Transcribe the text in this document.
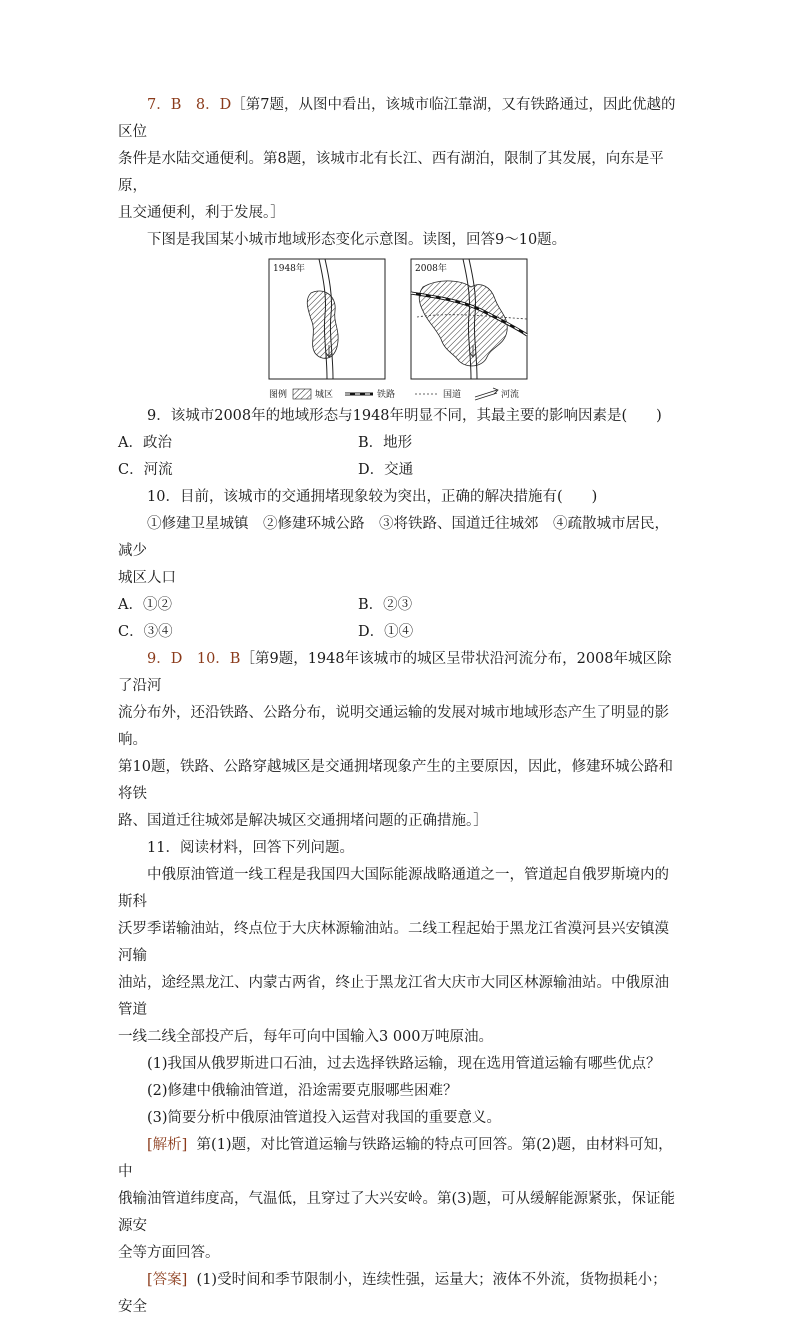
7．B　8．D［第7题，从图中看出，该城市临江靠湖，又有铁路通过，因此优越的区位

条件是水陆交通便利。第8题，该城市北有长江、西有湖泊，限制了其发展，向东是平原，

且交通便利，利于发展。］

下图是我国某小城市地域形态变化示意图。读图，回答9～10题。

1948年	2008年
图例	城区	铁路	国道	河流

9．该城市2008年的地域形态与1948年明显不同，其最主要的影响因素是(　　)

A．政治	B．地形
C．河流	D．交通

10．目前，该城市的交通拥堵现象较为突出，正确的解决措施有(　　)

①修建卫星城镇　②修建环城公路　③将铁路、国道迁往城郊　④疏散城市居民，减少

城区人口

A．①②	B．②③
C．③④	D．①④

9．D　10．B［第9题，1948年该城市的城区呈带状沿河流分布，2008年城区除了沿河

流分布外，还沿铁路、公路分布，说明交通运输的发展对城市地域形态产生了明显的影响。

第10题，铁路、公路穿越城区是交通拥堵现象产生的主要原因，因此，修建环城公路和将铁

路、国道迁往城郊是解决城区交通拥堵问题的正确措施。］

11．阅读材料，回答下列问题。

中俄原油管道一线工程是我国四大国际能源战略通道之一，管道起自俄罗斯境内的斯科

沃罗季诺输油站，终点位于大庆林源输油站。二线工程起始于黑龙江省漠河县兴安镇漠河输

油站，途经黑龙江、内蒙古两省，终止于黑龙江省大庆市大同区林源输油站。中俄原油管道

一线二线全部投产后，每年可向中国输入3 000万吨原油。

(1)我国从俄罗斯进口石油，过去选择铁路运输，现在选用管道运输有哪些优点？

(2)修建中俄输油管道，沿途需要克服哪些困难？

(3)简要分析中俄原油管道投入运营对我国的重要意义。

[解析] 第(1)题，对比管道运输与铁路运输的特点可回答。第(2)题，由材料可知，中

俄输油管道纬度高，气温低，且穿过了大兴安岭。第(3)题，可从缓解能源紧张，保证能源安

全等方面回答。

[答案] (1)受时间和季节限制小，连续性强，运量大；液体不外流，货物损耗小；安全
